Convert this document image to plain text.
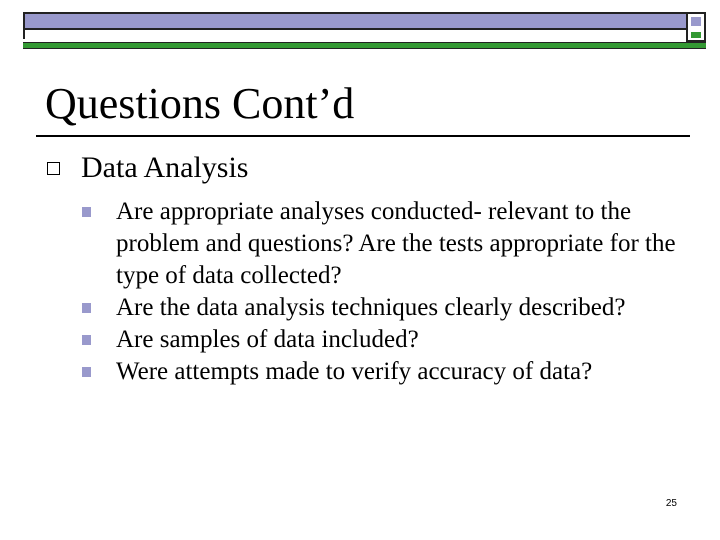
Questions Cont’d
Data Analysis
Are appropriate analyses conducted- relevant to the problem and questions? Are the tests appropriate for the type of data collected?
Are the data analysis techniques clearly described?
Are samples of data included?
Were attempts made to verify accuracy of data?
25
